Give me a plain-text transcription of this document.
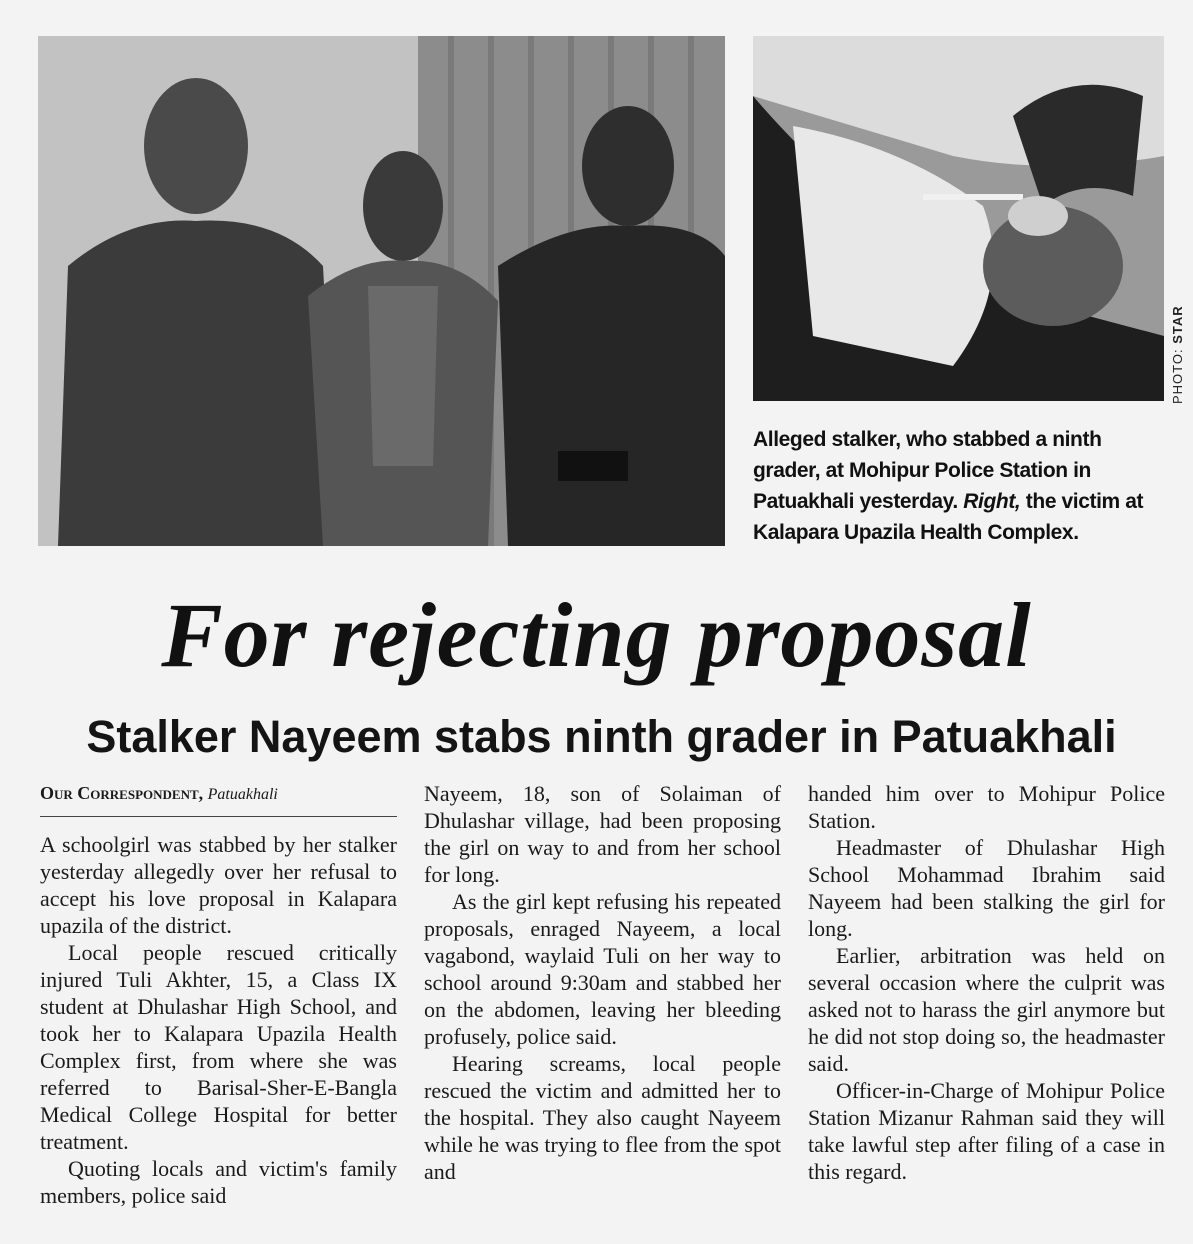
PHOTO: STAR
Alleged stalker, who stabbed a ninth grader, at Mohipur Police Station in Patuakhali yesterday. Right, the victim at Kalapara Upazila Health Complex.
For rejecting proposal
Stalker Nayeem stabs ninth grader in Patuakhali
Our Correspondent, Patuakhali

A schoolgirl was stabbed by her stalker yesterday allegedly over her refusal to accept his love proposal in Kalapara upazila of the district.

Local people rescued critically injured Tuli Akhter, 15, a Class IX student at Dhulashar High School, and took her to Kalapara Upazila Health Complex first, from where she was referred to Barisal-Sher-E-Bangla Medical College Hospital for better treatment.

Quoting locals and victim's family members, police said

Nayeem, 18, son of Solaiman of Dhulashar village, had been proposing the girl on way to and from her school for long.

As the girl kept refusing his repeated proposals, enraged Nayeem, a local vagabond, waylaid Tuli on her way to school around 9:30am and stabbed her on the abdomen, leaving her bleeding profusely, police said.

Hearing screams, local people rescued the victim and admitted her to the hospital. They also caught Nayeem while he was trying to flee from the spot and

handed him over to Mohipur Police Station.

Headmaster of Dhulashar High School Mohammad Ibrahim said Nayeem had been stalking the girl for long.

Earlier, arbitration was held on several occasion where the culprit was asked not to harass the girl anymore but he did not stop doing so, the headmaster said.

Officer-in-Charge of Mohipur Police Station Mizanur Rahman said they will take lawful step after filing of a case in this regard.
